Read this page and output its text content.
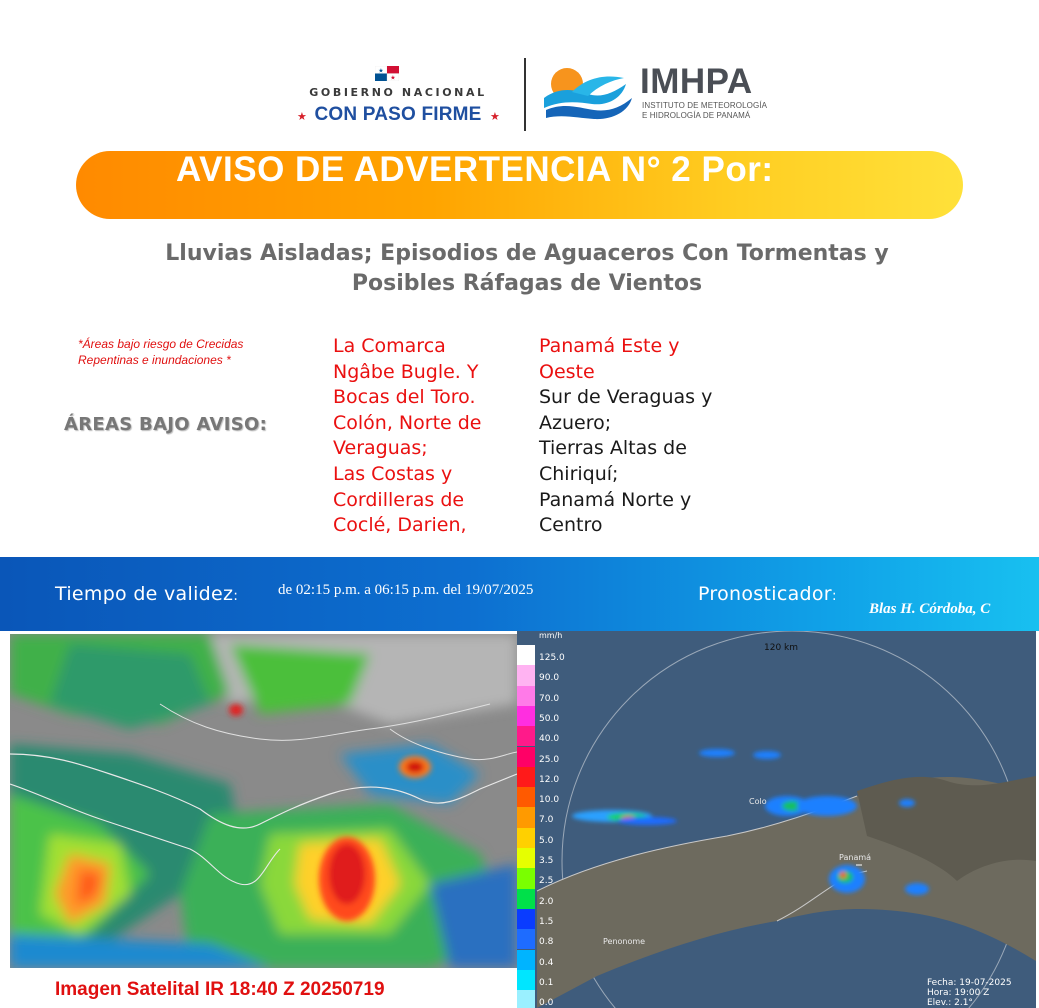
★
★
GOBIERNO NACIONAL
CON PASO FIRME
★	★
IMHPA
INSTITUTO DE METEOROLOGÍA
E HIDROLOGÍA DE PANAMÁ
AVISO DE ADVERTENCIA N° 2 Por:
Lluvias Aisladas; Episodios de Aguaceros Con Tormentas y
Posibles Ráfagas de Vientos
*Áreas bajo riesgo de Crecidas
Repentinas e inundaciones *
ÁREAS BAJO AVISO:
La Comarca
Ngâbe Bugle. Y
Bocas del Toro.
Colón, Norte de
Veraguas;
Las Costas y
Cordilleras de
Coclé, Darien,
Panamá Este y
Oeste
Sur de Veraguas y
Azuero;
Tierras Altas de
Chiriquí;
Panamá Norte y
Centro
Tiempo de validez:	de 02:15 p.m. a 06:15 p.m. del 19/07/2025	Pronosticador:
Blas H. Córdoba, C
Imagen Satelital IR 18:40 Z 20250719
mm/h
120 km
125.0
90.0
70.0
50.0
40.0
25.0
12.0
10.0
7.0
5.0
3.5
2.5
2.0
1.5
0.8
0.4
0.1
0.0
Colo
Panamá
Penonome
Fecha: 19-07-2025
Hora: 19:00 Z
Elev.: 2.1°
